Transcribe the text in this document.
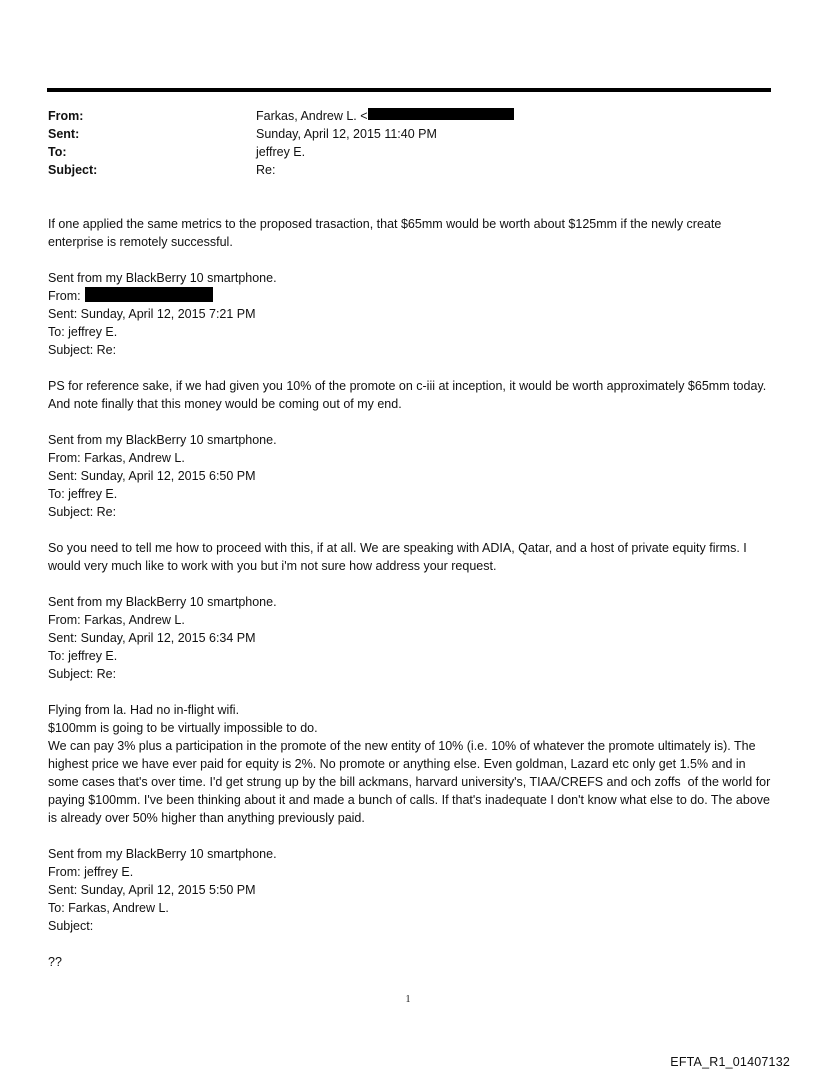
From:	Farkas, Andrew L. <
Sent:	Sunday, April 12, 2015 11:40 PM
To:	jeffrey E.
Subject:	Re:

If one applied the same metrics to the proposed trasaction, that $65mm would be worth about $125mm if the newly create enterprise is remotely successful.

Sent from my BlackBerry 10 smartphone.
From:
Sent: Sunday, April 12, 2015 7:21 PM
To: jeffrey E.
Subject: Re:

PS for reference sake, if we had given you 10% of the promote on c-iii at inception, it would be worth approximately $65mm today. And note finally that this money would be coming out of my end.

Sent from my BlackBerry 10 smartphone.
From: Farkas, Andrew L.
Sent: Sunday, April 12, 2015 6:50 PM
To: jeffrey E.
Subject: Re:

So you need to tell me how to proceed with this, if at all. We are speaking with ADIA, Qatar, and a host of private equity firms. I would very much like to work with you but i'm not sure how address your request.

Sent from my BlackBerry 10 smartphone.
From: Farkas, Andrew L.
Sent: Sunday, April 12, 2015 6:34 PM
To: jeffrey E.
Subject: Re:

Flying from la. Had no in-flight wifi.
$100mm is going to be virtually impossible to do.
We can pay 3% plus a participation in the promote of the new entity of 10% (i.e. 10% of whatever the promote ultimately is). The highest price we have ever paid for equity is 2%. No promote or anything else. Even goldman, Lazard etc only get 1.5% and in some cases that's over time. I'd get strung up by the bill ackmans, harvard university's, TIAA/CREFS and och zoffs  of the world for paying $100mm. I've been thinking about it and made a bunch of calls. If that's inadequate I don't know what else to do. The above is already over 50% higher than anything previously paid.

Sent from my BlackBerry 10 smartphone.
From: jeffrey E.
Sent: Sunday, April 12, 2015 5:50 PM
To: Farkas, Andrew L.
Subject:

??

1
EFTA_R1_01407132
